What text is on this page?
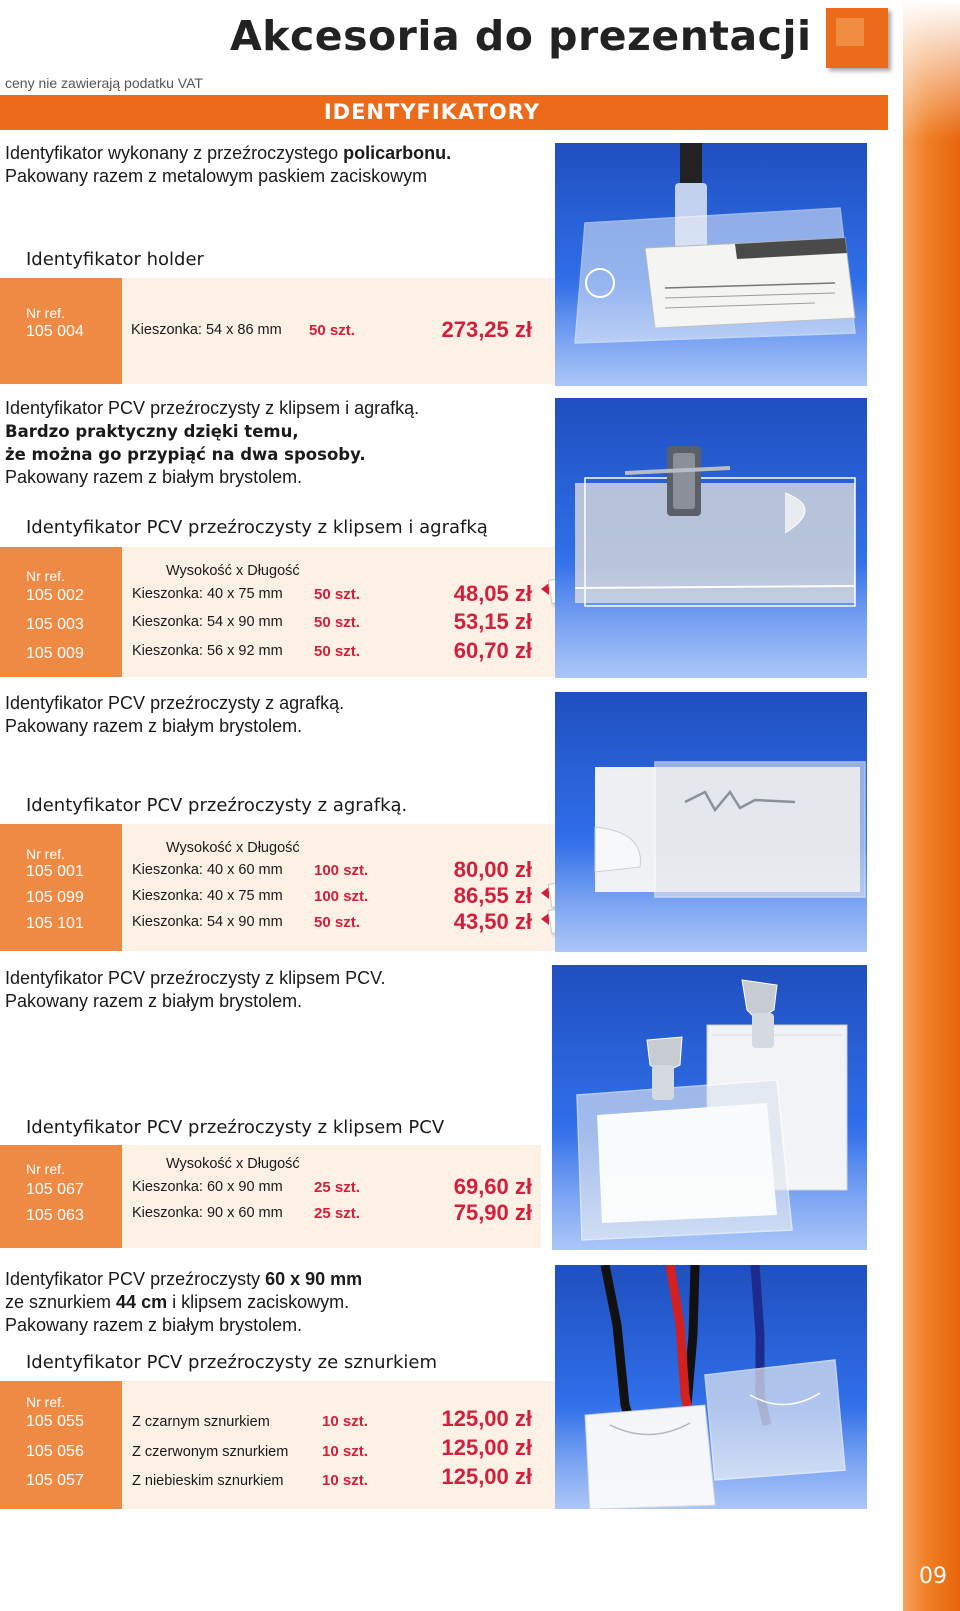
09
Akcesoria do prezentacji
ceny nie zawierają podatku VAT
IDENTYFIKATORY
Identyfikator wykonany z przeźroczystego policarbonu.
Pakowany razem z metalowym paskiem zaciskowym
Identyfikator holder
Nr ref.
105 004	Kieszonka: 54 x 86 mm 50 szt.	273,25 zł
Identyfikator PCV przeźroczysty z klipsem i agrafką.
Bardzo praktyczny dzięki temu,
że można go przypiąć na dwa sposoby.
Pakowany razem z białym brystolem.
Identyfikator PCV przeźroczysty z klipsem i agrafką
Nr ref.	Wysokość x Długość
105 002	Kieszonka: 40 x 75 mm 50 szt.	48,05 zł
105 003	Kieszonka: 54 x 90 mm 50 szt.	53,15 zł
105 009	Kieszonka: 56 x 92 mm 50 szt.	60,70 zł
Identyfikator PCV przeźroczysty z agrafką.
Pakowany razem z białym brystolem.
Identyfikator PCV przeźroczysty z agrafką.
Nr ref.	Wysokość x Długość
105 001	Kieszonka: 40 x 60 mm 100 szt.	80,00 zł
105 099	Kieszonka: 40 x 75 mm 100 szt.	86,55 zł
105 101	Kieszonka: 54 x 90 mm 50 szt.	43,50 zł
Identyfikator PCV przeźroczysty z klipsem PCV.
Pakowany razem z białym brystolem.
Identyfikator PCV przeźroczysty z klipsem PCV
Nr ref.	Wysokość x Długość
105 067	Kieszonka: 60 x 90 mm 25 szt.	69,60 zł
105 063	Kieszonka: 90 x 60 mm 25 szt.	75,90 zł
Identyfikator PCV przeźroczysty 60 x 90 mm
ze sznurkiem 44 cm i klipsem zaciskowym.
Pakowany razem z białym brystolem.
Identyfikator PCV przeźroczysty ze sznurkiem
Nr ref.
105 055	Z czarnym sznurkiem	10 szt.	125,00 zł
105 056	Z czerwonym sznurkiem 10 szt.	125,00 zł
105 057	Z niebieskim sznurkiem	10 szt.	125,00 zł
